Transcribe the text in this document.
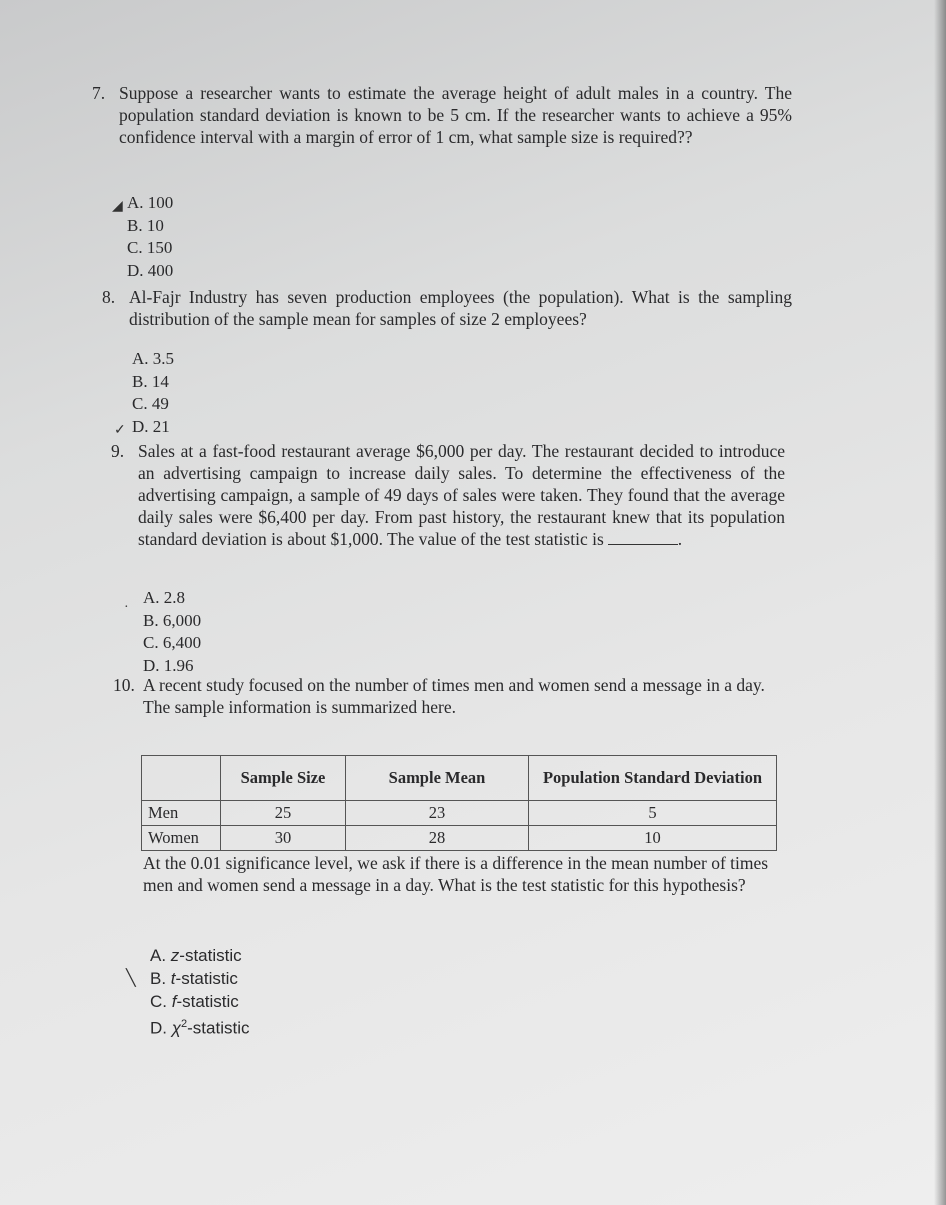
7. Suppose a researcher wants to estimate the average height of adult males in a country. The population standard deviation is known to be 5 cm. If the researcher wants to achieve a 95% confidence interval with a margin of error of 1 cm, what sample size is required??
◢ A. 100
B. 10
C. 150
D. 400
8. Al-Fajr Industry has seven production employees (the population). What is the sampling distribution of the sample mean for samples of size 2 employees?
✓
A. 3.5
B. 14
C. 49
D. 21
9. Sales at a fast-food restaurant average $6,000 per day. The restaurant decided to introduce an advertising campaign to increase daily sales. To determine the effectiveness of the advertising campaign, a sample of 49 days of sales were taken. They found that the average daily sales were $6,400 per day. From past history, the restaurant knew that its population standard deviation is about $1,000. The value of the test statistic is	.
·
A. 2.8
B. 6,000
C. 6,400
D. 1.96
10. A recent study focused on the number of times men and women send a message in a day. The sample information is summarized here.
	Sample Size	Sample Mean	Population Standard Deviation
Men	25	23	5
Women	30	28	10
At the 0.01 significance level, we ask if there is a difference in the mean number of times men and women send a message in a day. What is the test statistic for this hypothesis?
╲
A. z-statistic
B. t-statistic
C. f-statistic
D. $\chi^2$-statistic
